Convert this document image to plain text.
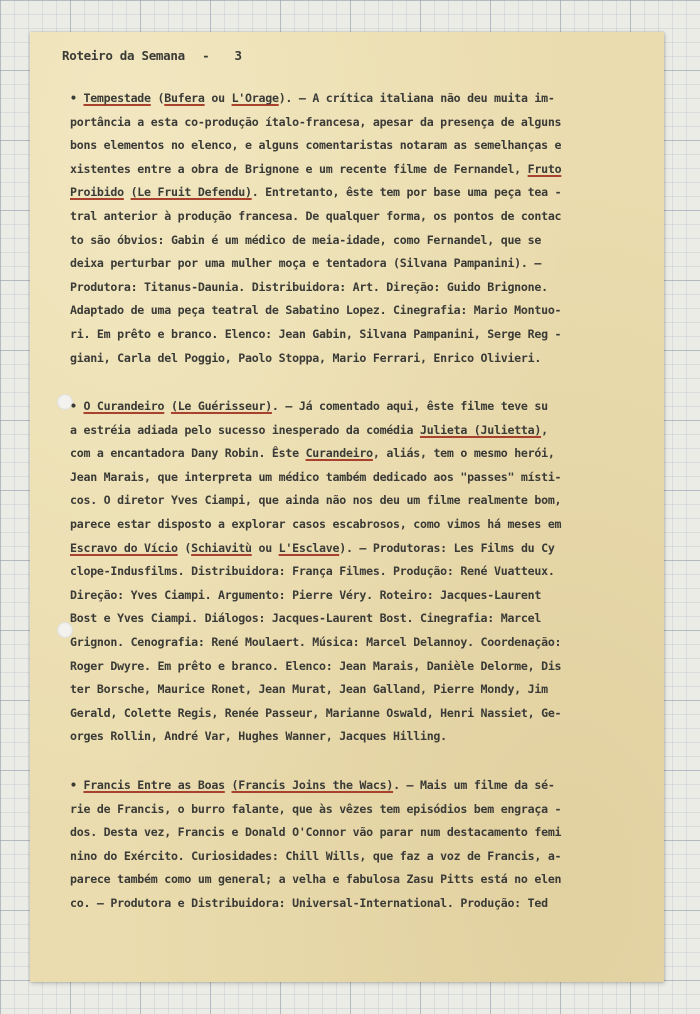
Roteiro da Semana - 3
• Tempestade (Bufera ou L'Orage). — A crítica italiana não deu muita im-
portância a esta co-produção ítalo-francesa, apesar da presença de alguns
bons elementos no elenco, e alguns comentaristas notaram as semelhanças e
xistentes entre a obra de Brignone e um recente filme de Fernandel, Fruto
Proibido (Le Fruit Defendu). Entretanto, êste tem por base uma peça tea -
tral anterior à produção francesa. De qualquer forma, os pontos de contac
to são óbvios: Gabin é um médico de meia-idade, como Fernandel, que se
deixa perturbar por uma mulher moça e tentadora (Silvana Pampanini). —
Produtora: Titanus-Daunia. Distribuidora: Art. Direção: Guido Brignone.
Adaptado de uma peça teatral de Sabatino Lopez. Cinegrafia: Mario Montuo-
ri. Em prêto e branco. Elenco: Jean Gabin, Silvana Pampanini, Serge Reg -
giani, Carla del Poggio, Paolo Stoppa, Mario Ferrari, Enrico Olivieri.
• O Curandeiro (Le Guérisseur). — Já comentado aqui, êste filme teve su
a estréia adiada pelo sucesso inesperado da comédia Julieta (Julietta),
com a encantadora Dany Robin. Êste Curandeiro, aliás, tem o mesmo herói,
Jean Marais, que interpreta um médico também dedicado aos "passes" místi-
cos. O diretor Yves Ciampi, que ainda não nos deu um filme realmente bom,
parece estar disposto a explorar casos escabrosos, como vimos há meses em
Escravo do Vício (Schiavitù ou L'Esclave). — Produtoras: Les Films du Cy
clope-Indusfilms. Distribuidora: França Filmes. Produção: René Vuatteux.
Direção: Yves Ciampi. Argumento: Pierre Véry. Roteiro: Jacques-Laurent
Bost e Yves Ciampi. Diálogos: Jacques-Laurent Bost. Cinegrafia: Marcel
Grignon. Cenografia: René Moulaert. Música: Marcel Delannoy. Coordenação:
Roger Dwyre. Em prêto e branco. Elenco: Jean Marais, Danièle Delorme, Dis
ter Borsche, Maurice Ronet, Jean Murat, Jean Galland, Pierre Mondy, Jim
Gerald, Colette Regis, Renée Passeur, Marianne Oswald, Henri Nassiet, Ge-
orges Rollin, André Var, Hughes Wanner, Jacques Hilling.
• Francis Entre as Boas (Francis Joins the Wacs). — Mais um filme da sé-
rie de Francis, o burro falante, que às vêzes tem episódios bem engraça -
dos. Desta vez, Francis e Donald O'Connor vão parar num destacamento femi
nino do Exército. Curiosidades: Chill Wills, que faz a voz de Francis, a-
parece também como um general; a velha e fabulosa Zasu Pitts está no elen
co. — Produtora e Distribuidora: Universal-International. Produção: Ted
